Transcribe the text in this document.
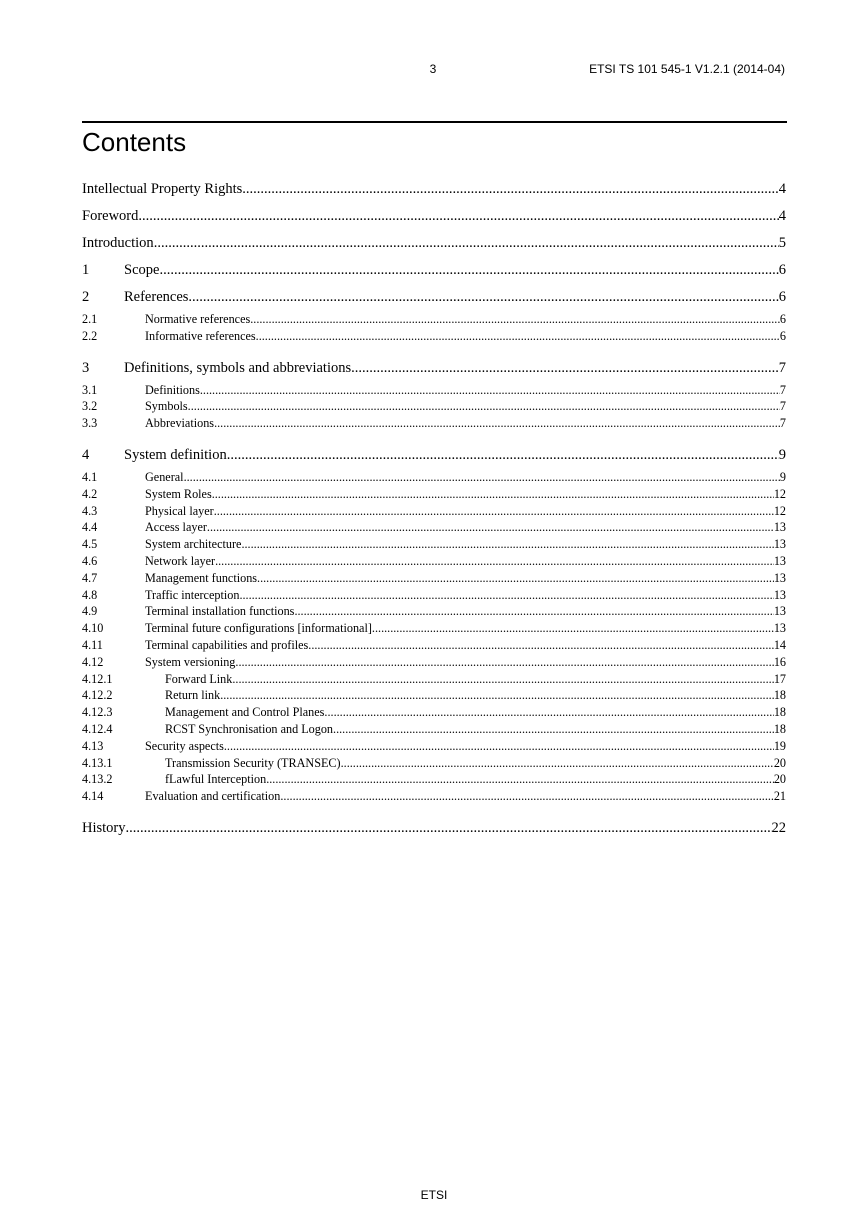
3	ETSI TS 101 545-1 V1.2.1 (2014-04)
Contents
Intellectual Property Rights .....	4
Foreword .....	4
Introduction .....	5
1	Scope .....	6
2	References .....	6
2.1	Normative references .....	6
2.2	Informative references .....	6
3	Definitions, symbols and abbreviations .....	7
3.1	Definitions .....	7
3.2	Symbols .....	7
3.3	Abbreviations .....	7
4	System definition .....	9
4.1	General .....	9
4.2	System Roles .....	12
4.3	Physical layer .....	12
4.4	Access layer .....	13
4.5	System architecture .....	13
4.6	Network layer .....	13
4.7	Management functions .....	13
4.8	Traffic interception .....	13
4.9	Terminal installation functions .....	13
4.10	Terminal future configurations [informational] .....	13
4.11	Terminal capabilities and profiles .....	14
4.12	System versioning .....	16
4.12.1	Forward Link .....	17
4.12.2	Return link .....	18
4.12.3	Management and Control Planes .....	18
4.12.4	RCST Synchronisation and Logon .....	18
4.13	Security aspects .....	19
4.13.1	Transmission Security (TRANSEC) .....	20
4.13.2	fLawful Interception .....	20
4.14	Evaluation and certification .....	21
History .....	22
ETSI
